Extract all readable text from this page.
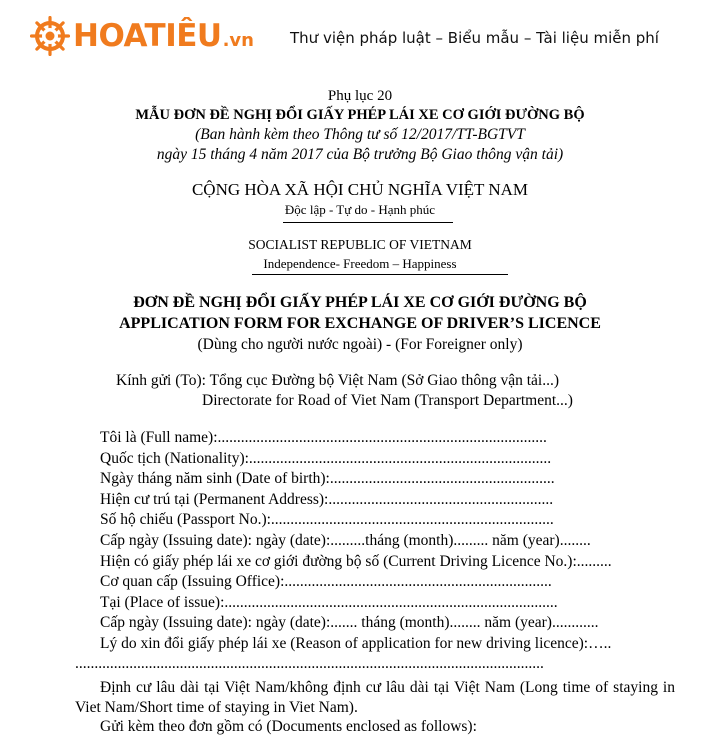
HOATIÊU .vn Thư viện pháp luật – Biểu mẫu – Tài liệu miễn phí
Phụ lục 20
MẪU ĐƠN ĐỀ NGHỊ ĐỔI GIẤY PHÉP LÁI XE CƠ GIỚI ĐƯỜNG BỘ
(Ban hành kèm theo Thông tư số 12/2017/TT-BGTVT
ngày 15 tháng 4 năm 2017 của Bộ trưởng Bộ Giao thông vận tải)
CỘNG HÒA XÃ HỘI CHỦ NGHĨA VIỆT NAM
Độc lập - Tự do - Hạnh phúc
SOCIALIST REPUBLIC OF VIETNAM
Independence- Freedom – Happiness
ĐƠN ĐỀ NGHỊ ĐỔI GIẤY PHÉP LÁI XE CƠ GIỚI ĐƯỜNG BỘ
APPLICATION FORM FOR EXCHANGE OF DRIVER’S LICENCE
(Dùng cho người nước ngoài) - (For Foreigner only)
Kính gửi (To): Tổng cục Đường bộ Việt Nam (Sở Giao thông vận tải...)
Directorate for Road of Viet Nam (Transport Department...)
Tôi là (Full name):.....................................................................................
Quốc tịch (Nationality):..............................................................................
Ngày tháng năm sinh (Date of birth):..........................................................
Hiện cư trú tại (Permanent Address):..........................................................
Số hộ chiếu (Passport No.):.........................................................................
Cấp ngày (Issuing date): ngày (date):.........tháng (month)......... năm (year)........
Hiện có giấy phép lái xe cơ giới đường bộ số (Current Driving Licence No.):.........
Cơ quan cấp (Issuing Office):.....................................................................
Tại (Place of issue):......................................................................................
Cấp ngày (Issuing date): ngày (date):....... tháng (month)........ năm (year)............
Lý do xin đổi giấy phép lái xe (Reason of application for new driving licence):…..
.........................................................................................................................
Định cư lâu dài tại Việt Nam/không định cư lâu dài tại Việt Nam (Long time of staying in Viet Nam/Short time of staying in Viet Nam).
Gửi kèm theo đơn gồm có (Documents enclosed as follows):
